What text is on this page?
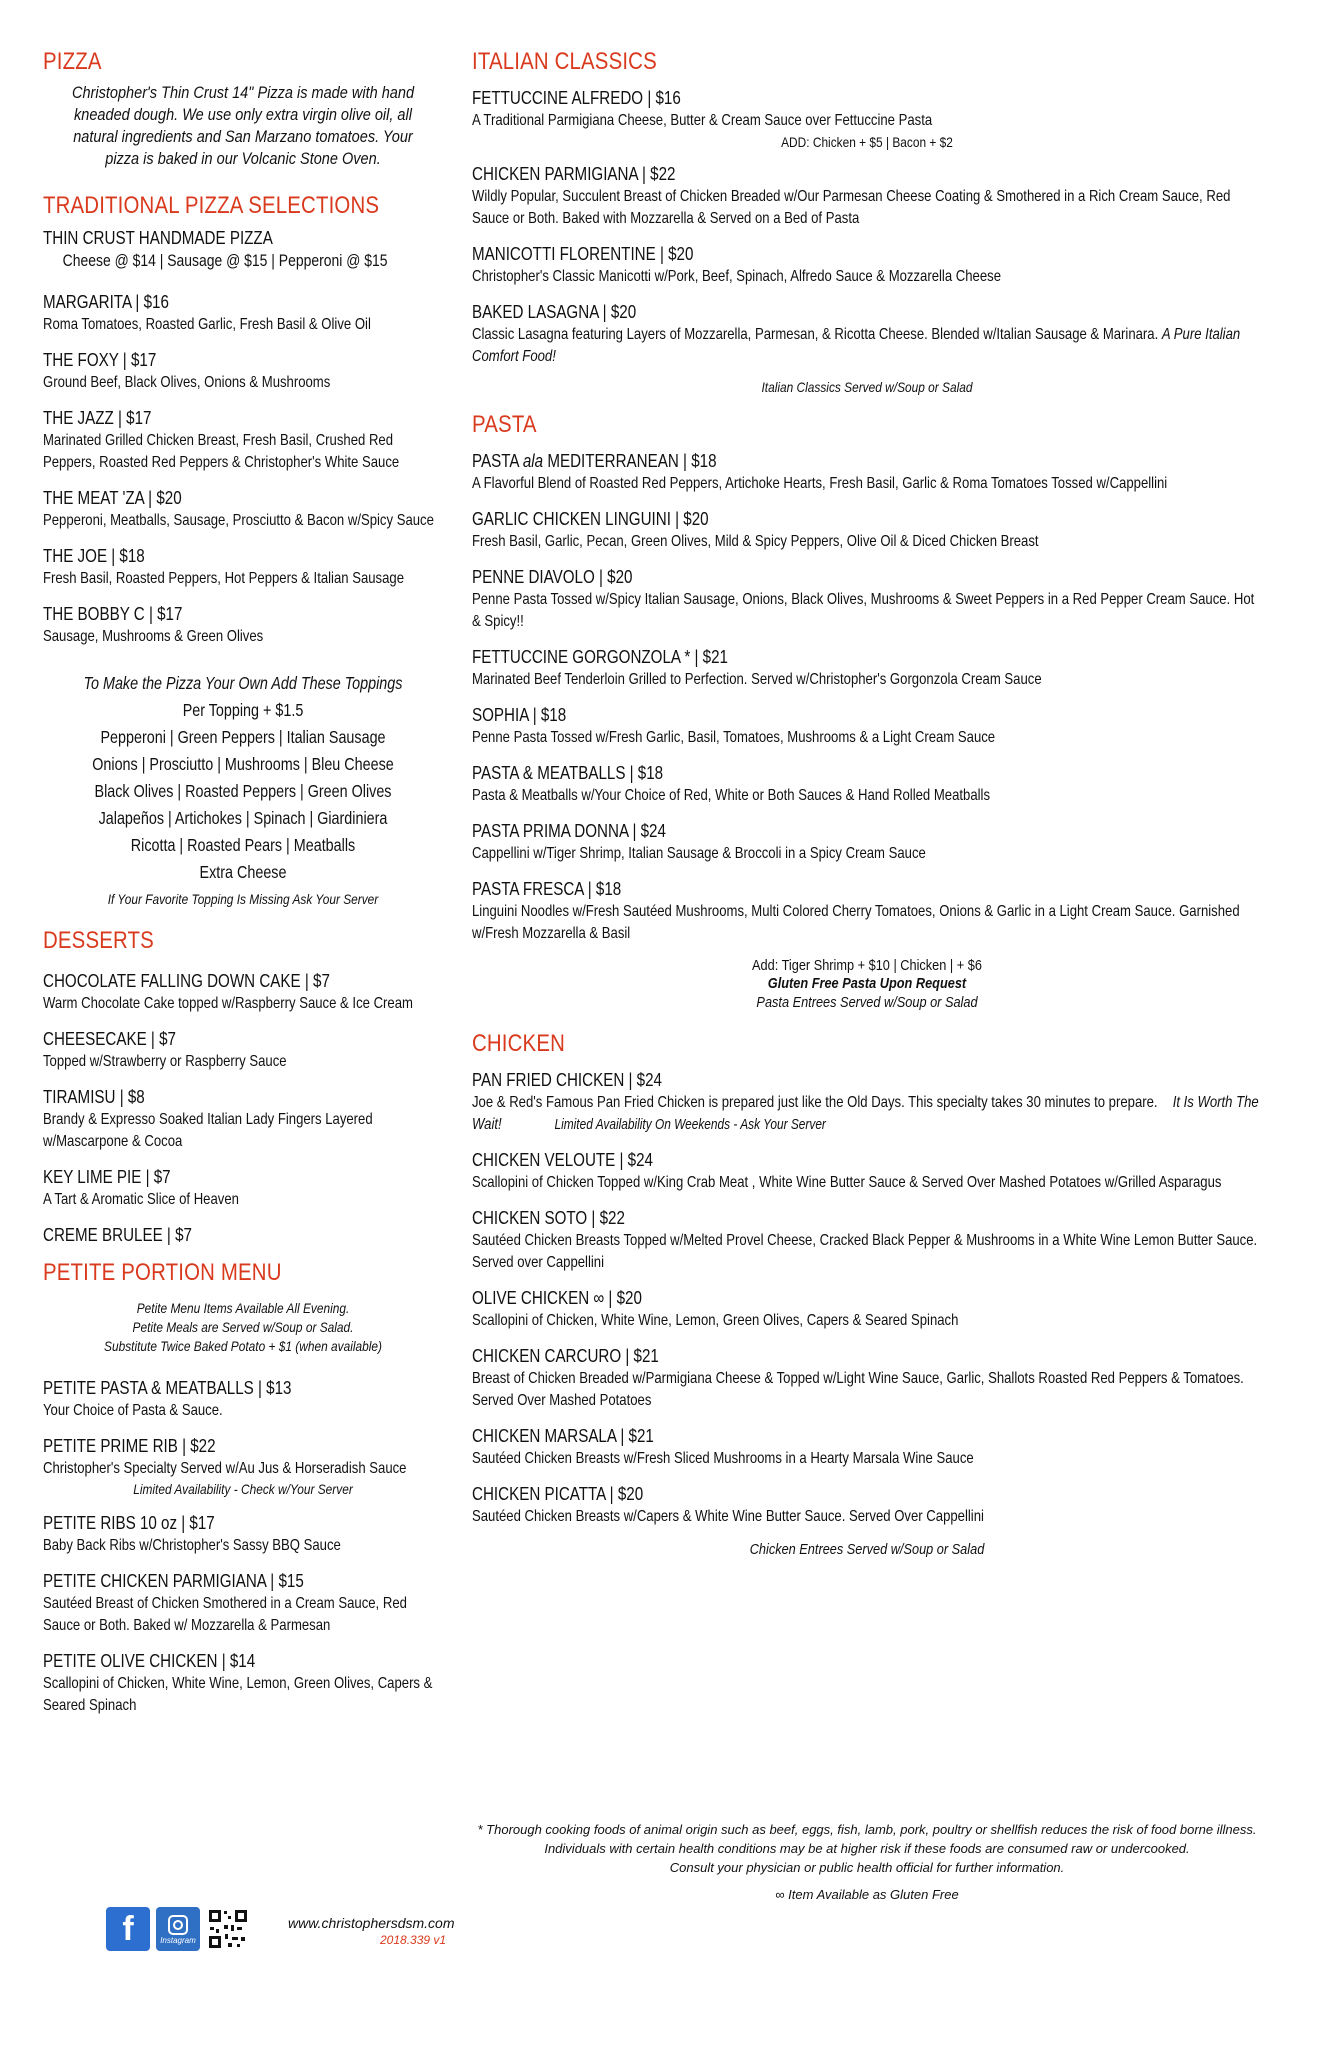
PIZZA
Christopher's Thin Crust 14" Pizza is made with hand kneaded dough. We use only extra virgin olive oil, all natural ingredients and San Marzano tomatoes. Your pizza is baked in our Volcanic Stone Oven.
TRADITIONAL PIZZA SELECTIONS
THIN CRUST HANDMADE PIZZA
Cheese @ $14 | Sausage @ $15 | Pepperoni @ $15
MARGARITA | $16
Roma Tomatoes, Roasted Garlic, Fresh Basil & Olive Oil
THE FOXY | $17
Ground Beef, Black Olives, Onions & Mushrooms
THE JAZZ | $17
Marinated Grilled Chicken Breast, Fresh Basil, Crushed Red Peppers, Roasted Red Peppers & Christopher's White Sauce
THE MEAT 'ZA | $20
Pepperoni, Meatballs, Sausage, Prosciutto & Bacon w/Spicy Sauce
THE JOE | $18
Fresh Basil, Roasted Peppers, Hot Peppers & Italian Sausage
THE BOBBY C | $17
Sausage, Mushrooms & Green Olives
To Make the Pizza Your Own Add These Toppings
Per Topping + $1.5
Pepperoni | Green Peppers | Italian Sausage
Onions | Prosciutto | Mushrooms | Bleu Cheese
Black Olives | Roasted Peppers | Green Olives
Jalapeños | Artichokes | Spinach | Giardiniera
Ricotta | Roasted Pears | Meatballs
Extra Cheese
If Your Favorite Topping Is Missing Ask Your Server
DESSERTS
CHOCOLATE FALLING DOWN CAKE | $7
Warm Chocolate Cake topped w/Raspberry Sauce & Ice Cream
CHEESECAKE | $7
Topped w/Strawberry or Raspberry Sauce
TIRAMISU | $8
Brandy & Expresso Soaked Italian Lady Fingers Layered w/Mascarpone & Cocoa
KEY LIME PIE | $7
A Tart & Aromatic Slice of Heaven
CREME BRULEE | $7
PETITE PORTION MENU
Petite Menu Items Available All Evening.
Petite Meals are Served w/Soup or Salad.
Substitute Twice Baked Potato + $1 (when available)
PETITE PASTA & MEATBALLS | $13
Your Choice of Pasta & Sauce.
PETITE PRIME RIB | $22
Christopher's Specialty Served w/Au Jus & Horseradish Sauce
Limited Availability - Check w/Your Server
PETITE RIBS 10 oz | $17
Baby Back Ribs w/Christopher's Sassy BBQ Sauce
PETITE CHICKEN PARMIGIANA | $15
Sautéed Breast of Chicken Smothered in a Cream Sauce, Red Sauce or Both. Baked w/ Mozzarella & Parmesan
PETITE OLIVE CHICKEN | $14
Scallopini of Chicken, White Wine, Lemon, Green Olives, Capers & Seared Spinach
ITALIAN CLASSICS
FETTUCCINE ALFREDO | $16
A Traditional Parmigiana Cheese, Butter & Cream Sauce over Fettuccine Pasta
ADD: Chicken + $5 | Bacon + $2
CHICKEN PARMIGIANA | $22
Wildly Popular, Succulent Breast of Chicken Breaded w/Our Parmesan Cheese Coating & Smothered in a Rich Cream Sauce, Red Sauce or Both. Baked with Mozzarella & Served on a Bed of Pasta
MANICOTTI FLORENTINE | $20
Christopher's Classic Manicotti w/Pork, Beef, Spinach, Alfredo Sauce & Mozzarella Cheese
BAKED LASAGNA | $20
Classic Lasagna featuring Layers of Mozzarella, Parmesan, & Ricotta Cheese. Blended w/Italian Sausage & Marinara. A Pure Italian Comfort Food!
Italian Classics Served w/Soup or Salad
PASTA
PASTA ala MEDITERRANEAN | $18
A Flavorful Blend of Roasted Red Peppers, Artichoke Hearts, Fresh Basil, Garlic & Roma Tomatoes Tossed w/Cappellini
GARLIC CHICKEN LINGUINI | $20
Fresh Basil, Garlic, Pecan, Green Olives, Mild & Spicy Peppers, Olive Oil & Diced Chicken Breast
PENNE DIAVOLO | $20
Penne Pasta Tossed w/Spicy Italian Sausage, Onions, Black Olives, Mushrooms & Sweet Peppers in a Red Pepper Cream Sauce. Hot & Spicy!!
FETTUCCINE GORGONZOLA * | $21
Marinated Beef Tenderloin Grilled to Perfection. Served w/Christopher's Gorgonzola Cream Sauce
SOPHIA | $18
Penne Pasta Tossed w/Fresh Garlic, Basil, Tomatoes, Mushrooms & a Light Cream Sauce
PASTA & MEATBALLS | $18
Pasta & Meatballs w/Your Choice of Red, White or Both Sauces & Hand Rolled Meatballs
PASTA PRIMA DONNA | $24
Cappellini w/Tiger Shrimp, Italian Sausage & Broccoli in a Spicy Cream Sauce
PASTA FRESCA | $18
Linguini Noodles w/Fresh Sautéed Mushrooms, Multi Colored Cherry Tomatoes, Onions & Garlic in a Light Cream Sauce. Garnished w/Fresh Mozzarella & Basil
Add: Tiger Shrimp + $10 | Chicken | + $6
Gluten Free Pasta Upon Request
Pasta Entrees Served w/Soup or Salad
CHICKEN
PAN FRIED CHICKEN | $24
Joe & Red's Famous Pan Fried Chicken is prepared just like the Old Days. This specialty takes 30 minutes to prepare. It Is Worth The Wait!	Limited Availability On Weekends - Ask Your Server
CHICKEN VELOUTE | $24
Scallopini of Chicken Topped w/King Crab Meat , White Wine Butter Sauce & Served Over Mashed Potatoes w/Grilled Asparagus
CHICKEN SOTO | $22
Sautéed Chicken Breasts Topped w/Melted Provel Cheese, Cracked Black Pepper & Mushrooms in a White Wine Lemon Butter Sauce. Served over Cappellini
OLIVE CHICKEN ∞ | $20
Scallopini of Chicken, White Wine, Lemon, Green Olives, Capers & Seared Spinach
CHICKEN CARCURO | $21
Breast of Chicken Breaded w/Parmigiana Cheese & Topped w/Light Wine Sauce, Garlic, Shallots Roasted Red Peppers & Tomatoes. Served Over Mashed Potatoes
CHICKEN MARSALA | $21
Sautéed Chicken Breasts w/Fresh Sliced Mushrooms in a Hearty Marsala Wine Sauce
CHICKEN PICATTA | $20
Sautéed Chicken Breasts w/Capers & White Wine Butter Sauce. Served Over Cappellini
Chicken Entrees Served w/Soup or Salad
* Thorough cooking foods of animal origin such as beef, eggs, fish, lamb, pork, poultry or shellfish reduces the risk of food borne illness.
Individuals with certain health conditions may be at higher risk if these foods are consumed raw or undercooked.
Consult your physician or public health official for further information.
∞ Item Available as Gluten Free
f	Instagram
www.christophersdsm.com
2018.339 v1
